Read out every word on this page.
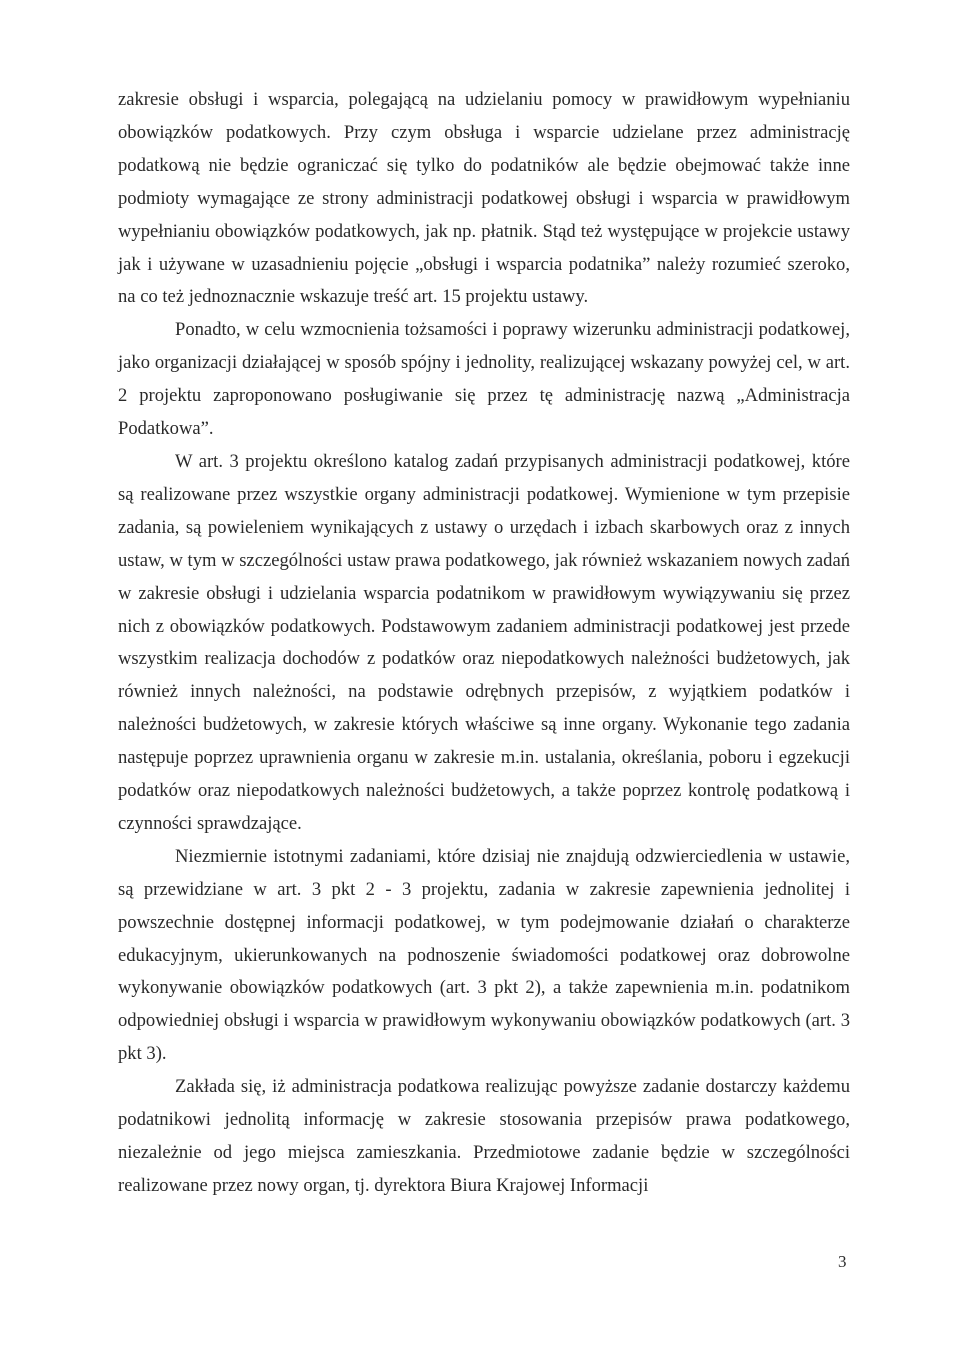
zakresie obsługi i wsparcia, polegającą na udzielaniu pomocy w prawidłowym wypełnianiu obowiązków podatkowych. Przy czym obsługa i wsparcie udzielane przez administrację podatkową nie będzie ograniczać się tylko do podatników ale będzie obejmować także inne podmioty wymagające ze strony administracji podatkowej obsługi i wsparcia w prawidłowym wypełnianiu obowiązków podatkowych, jak np. płatnik. Stąd też występujące w projekcie ustawy jak i używane w uzasadnieniu pojęcie „obsługi i wsparcia podatnika” należy rozumieć szeroko, na co też jednoznacznie wskazuje treść art. 15 projektu ustawy.

Ponadto, w celu wzmocnienia tożsamości i poprawy wizerunku administracji podatkowej, jako organizacji działającej w sposób spójny i jednolity, realizującej wskazany powyżej cel, w art. 2 projektu zaproponowano posługiwanie się przez tę administrację nazwą „Administracja Podatkowa”.

W art. 3 projektu określono katalog zadań przypisanych administracji podatkowej, które są realizowane przez wszystkie organy administracji podatkowej. Wymienione w tym przepisie zadania, są powieleniem wynikających z ustawy o urzędach i izbach skarbowych oraz z innych ustaw, w tym w szczególności ustaw prawa podatkowego, jak również wskazaniem nowych zadań w zakresie obsługi i udzielania wsparcia podatnikom w prawidłowym wywiązywaniu się przez nich z obowiązków podatkowych. Podstawowym zadaniem administracji podatkowej jest przede wszystkim realizacja dochodów z podatków oraz niepodatkowych należności budżetowych, jak również innych należności, na podstawie odrębnych przepisów, z wyjątkiem podatków i należności budżetowych, w zakresie których właściwe są inne organy. Wykonanie tego zadania następuje poprzez uprawnienia organu w zakresie m.in. ustalania, określania, poboru i egzekucji podatków oraz niepodatkowych należności budżetowych, a także poprzez kontrolę podatkową i czynności sprawdzające.

Niezmiernie istotnymi zadaniami, które dzisiaj nie znajdują odzwierciedlenia w ustawie, są przewidziane w art. 3 pkt 2 - 3 projektu, zadania w zakresie zapewnienia jednolitej i powszechnie dostępnej informacji podatkowej, w tym podejmowanie działań o charakterze edukacyjnym, ukierunkowanych na podnoszenie świadomości podatkowej oraz dobrowolne wykonywanie obowiązków podatkowych (art. 3 pkt 2), a także zapewnienia m.in. podatnikom odpowiedniej obsługi i wsparcia w prawidłowym wykonywaniu obowiązków podatkowych (art. 3 pkt 3).

Zakłada się, iż administracja podatkowa realizując powyższe zadanie dostarczy każdemu podatnikowi jednolitą informację w zakresie stosowania przepisów prawa podatkowego, niezależnie od jego miejsca zamieszkania. Przedmiotowe zadanie będzie w szczególności realizowane przez nowy organ, tj. dyrektora Biura Krajowej Informacji

3
